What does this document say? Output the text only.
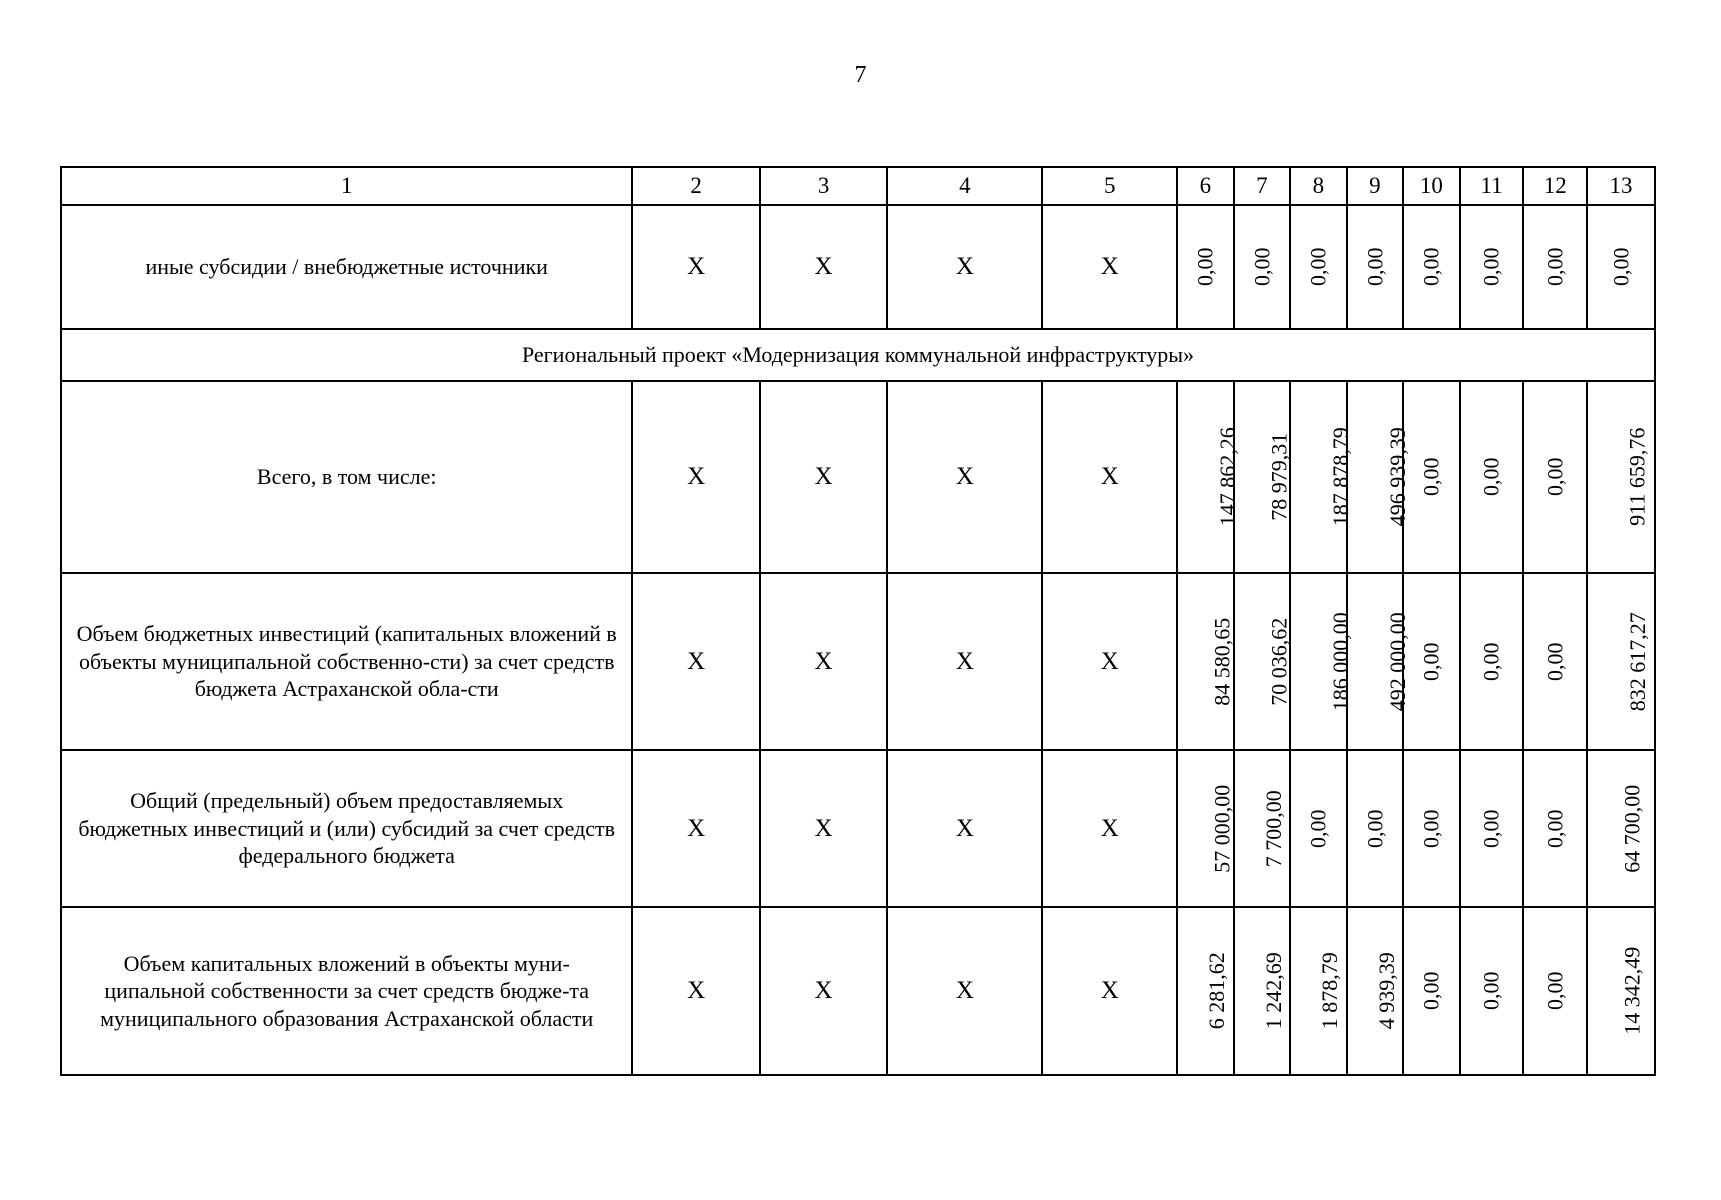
7
1	2	3	4	5	6	7	8	9	10	11	12	13
иные субсидии / внебюджетные источники	X	X	X	X	0,00	0,00	0,00	0,00	0,00	0,00	0,00	0,00
Региональный проект «Модернизация коммунальной инфраструктуры»												
Всего, в том числе:	X	X	X	X	147 862,26	78 979,31	187 878,79	496 939,39	0,00	0,00	0,00	911 659,76
Объем бюджетных инвестиций (капитальных вложений в объекты муниципальной собственно-сти) за счет средств бюджета Астраханской обла-сти	X	X	X	X	84 580,65	70 036,62	186 000,00	492 000,00	0,00	0,00	0,00	832 617,27
Общий (предельный) объем предоставляемых бюджетных инвестиций и (или) субсидий за счет средств федерального бюджета	X	X	X	X	57 000,00	7 700,00	0,00	0,00	0,00	0,00	0,00	64 700,00
Объем капитальных вложений в объекты муни-ципальной собственности за счет средств бюдже-та муниципального образования Астраханской области	X	X	X	X	6 281,62	1 242,69	1 878,79	4 939,39	0,00	0,00	0,00	14 342,49
